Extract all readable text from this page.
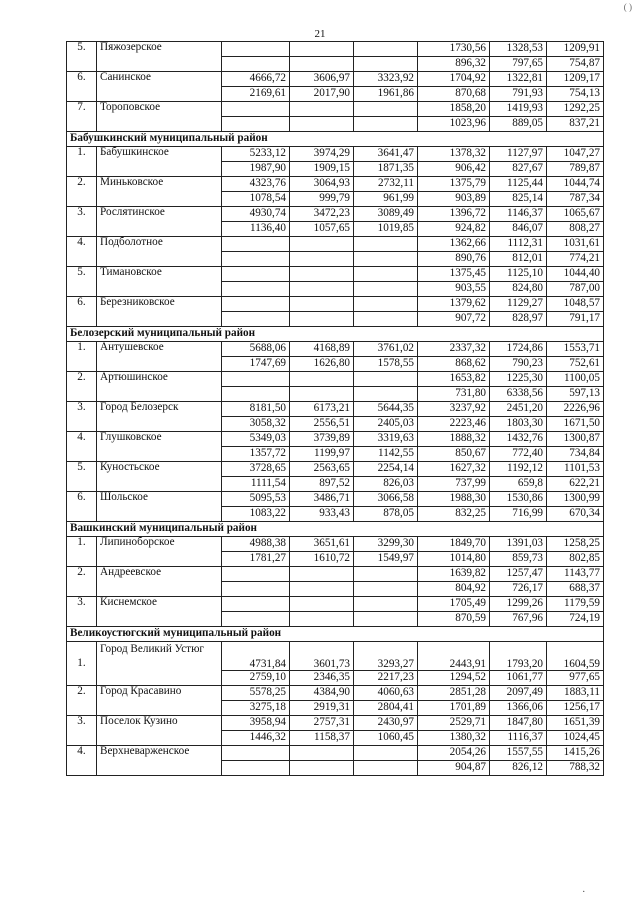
( )
21
5.	Пяжозерское				1730,56	1328,53	1209,91
					896,32	797,65	754,87
6.	Санинское	4666,72	3606,97	3323,92	1704,92	1322,81	1209,17
		2169,61	2017,90	1961,86	870,68	791,93	754,13
7.	Тороповское				1858,20	1419,93	1292,25
					1023,96	889,05	837,21
Бабушкинский муниципальный район							
1.	Бабушкинское	5233,12	3974,29	3641,47	1378,32	1127,97	1047,27
		1987,90	1909,15	1871,35	906,42	827,67	789,87
2.	Миньковское	4323,76	3064,93	2732,11	1375,79	1125,44	1044,74
		1078,54	999,79	961,99	903,89	825,14	787,34
3.	Рослятинское	4930,74	3472,23	3089,49	1396,72	1146,37	1065,67
		1136,40	1057,65	1019,85	924,82	846,07	808,27
4.	Подболотное				1362,66	1112,31	1031,61
					890,76	812,01	774,21
5.	Тимановское				1375,45	1125,10	1044,40
					903,55	824,80	787,00
6.	Березниковское				1379,62	1129,27	1048,57
					907,72	828,97	791,17
Белозерский муниципальный район							
1.	Антушевское	5688,06	4168,89	3761,02	2337,32	1724,86	1553,71
		1747,69	1626,80	1578,55	868,62	790,23	752,61
2.	Артюшинское				1653,82	1225,30	1100,05
					731,80	6338,56	597,13
3.	Город Белозерск	8181,50	6173,21	5644,35	3237,92	2451,20	2226,96
		3058,32	2556,51	2405,03	2223,46	1803,30	1671,50
4.	Глушковское	5349,03	3739,89	3319,63	1888,32	1432,76	1300,87
		1357,72	1199,97	1142,55	850,67	772,40	734,84
5.	Куностьское	3728,65	2563,65	2254,14	1627,32	1192,12	1101,53
		1111,54	897,52	826,03	737,99	659,8	622,21
6.	Шольское	5095,53	3486,71	3066,58	1988,30	1530,86	1300,99
		1083,22	933,43	878,05	832,25	716,99	670,34
Вашкинский муниципальный район							
1.	Липиноборское	4988,38	3651,61	3299,30	1849,70	1391,03	1258,25
		1781,27	1610,72	1549,97	1014,80	859,73	802,85
2.	Андреевское				1639,82	1257,47	1143,77
					804,92	726,17	688,37
3.	Киснемское				1705,49	1299,26	1179,59
					870,59	767,96	724,19
Великоустюгский муниципальный район							
1.	Город Великий Устюг	4731,84	3601,73	3293,27	2443,91	1793,20	1604,59
		2759,10	2346,35	2217,23	1294,52	1061,77	977,65
2.	Город Красавино	5578,25	4384,90	4060,63	2851,28	2097,49	1883,11
		3275,18	2919,31	2804,41	1701,89	1366,06	1256,17
3.	Поселок Кузино	3958,94	2757,31	2430,97	2529,71	1847,80	1651,39
		1446,32	1158,37	1060,45	1380,32	1116,37	1024,45
4.	Верхневарженское				2054,26	1557,55	1415,26
					904,87	826,12	788,32
.
